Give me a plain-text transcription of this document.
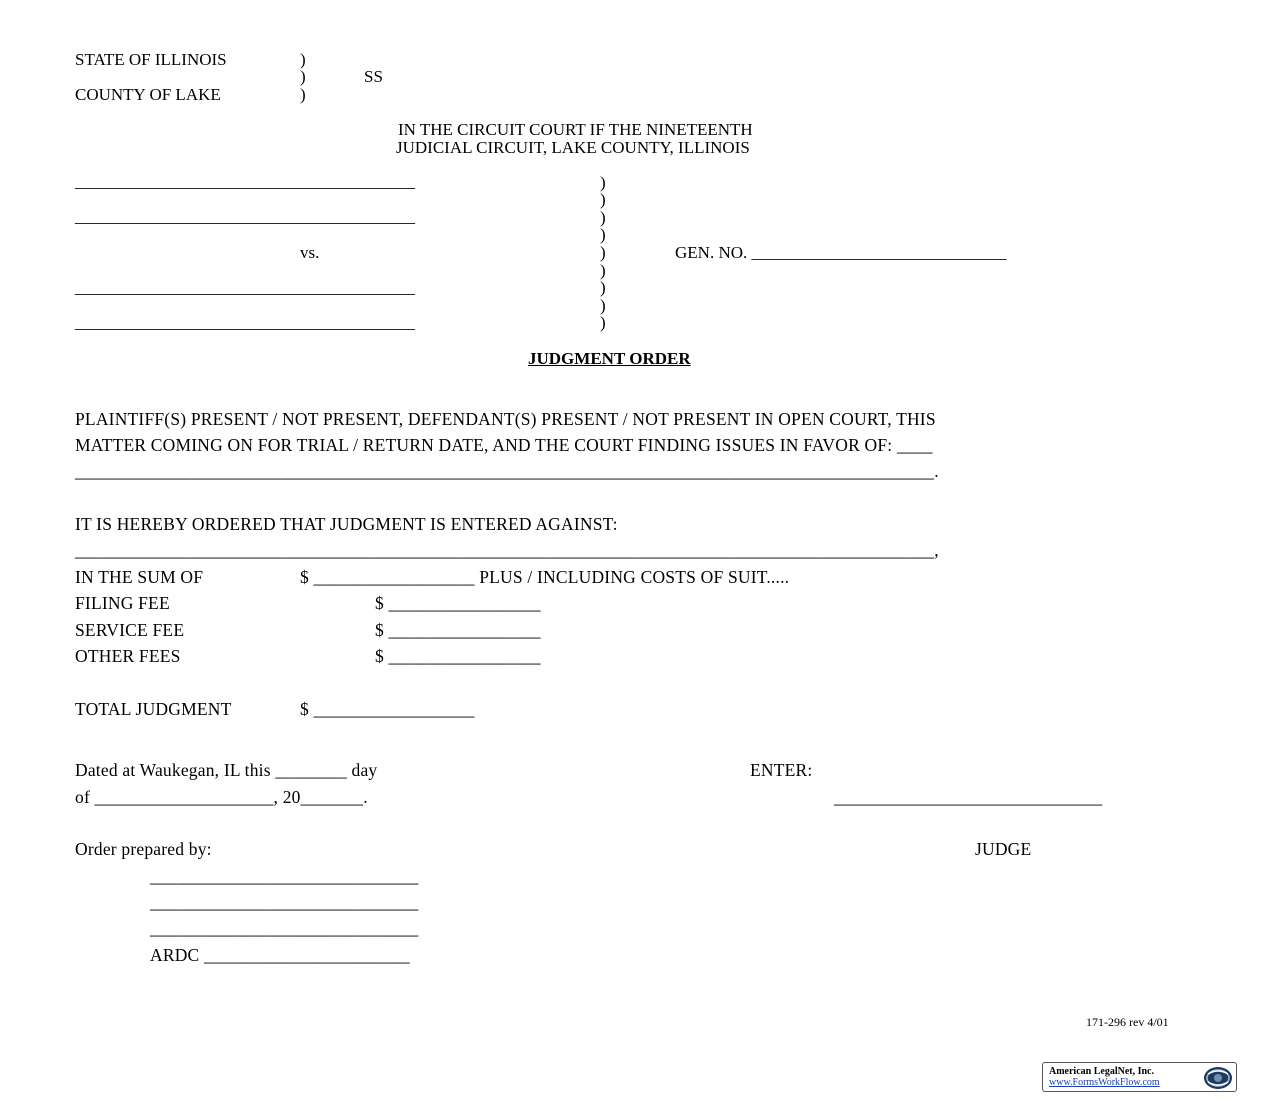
STATE OF ILLINOIS	)
)	SS
COUNTY OF LAKE	)
IN THE CIRCUIT COURT IF THE NINETEENTH
JUDICIAL CIRCUIT, LAKE COUNTY, ILLINOIS
________________________________________
________________________________________
vs.
________________________________________
________________________________________
)
)
)
)
)
)
)
)
)
GEN. NO. ______________________________
JUDGMENT ORDER
PLAINTIFF(S) PRESENT / NOT PRESENT, DEFENDANT(S) PRESENT / NOT PRESENT IN OPEN COURT, THIS
MATTER COMING ON FOR TRIAL / RETURN DATE, AND THE COURT FINDING ISSUES IN FAVOR OF: ____
________________________________________________________________________________________________.
IT IS HEREBY ORDERED THAT JUDGMENT IS ENTERED AGAINST:
________________________________________________________________________________________________,
IN THE SUM OF	$ __________________ PLUS / INCLUDING COSTS OF SUIT.....
FILING FEE	$ _________________
SERVICE FEE	$ _________________
OTHER FEES	$ _________________
TOTAL JUDGMENT	$ __________________
Dated at Waukegan, IL this ________ day
of ____________________, 20_______.
ENTER:
______________________________
JUDGE
Order prepared by:
______________________________
______________________________
______________________________
ARDC _______________________
171-296 rev 4/01
American LegalNet, Inc.
www.FormsWorkFlow.com
